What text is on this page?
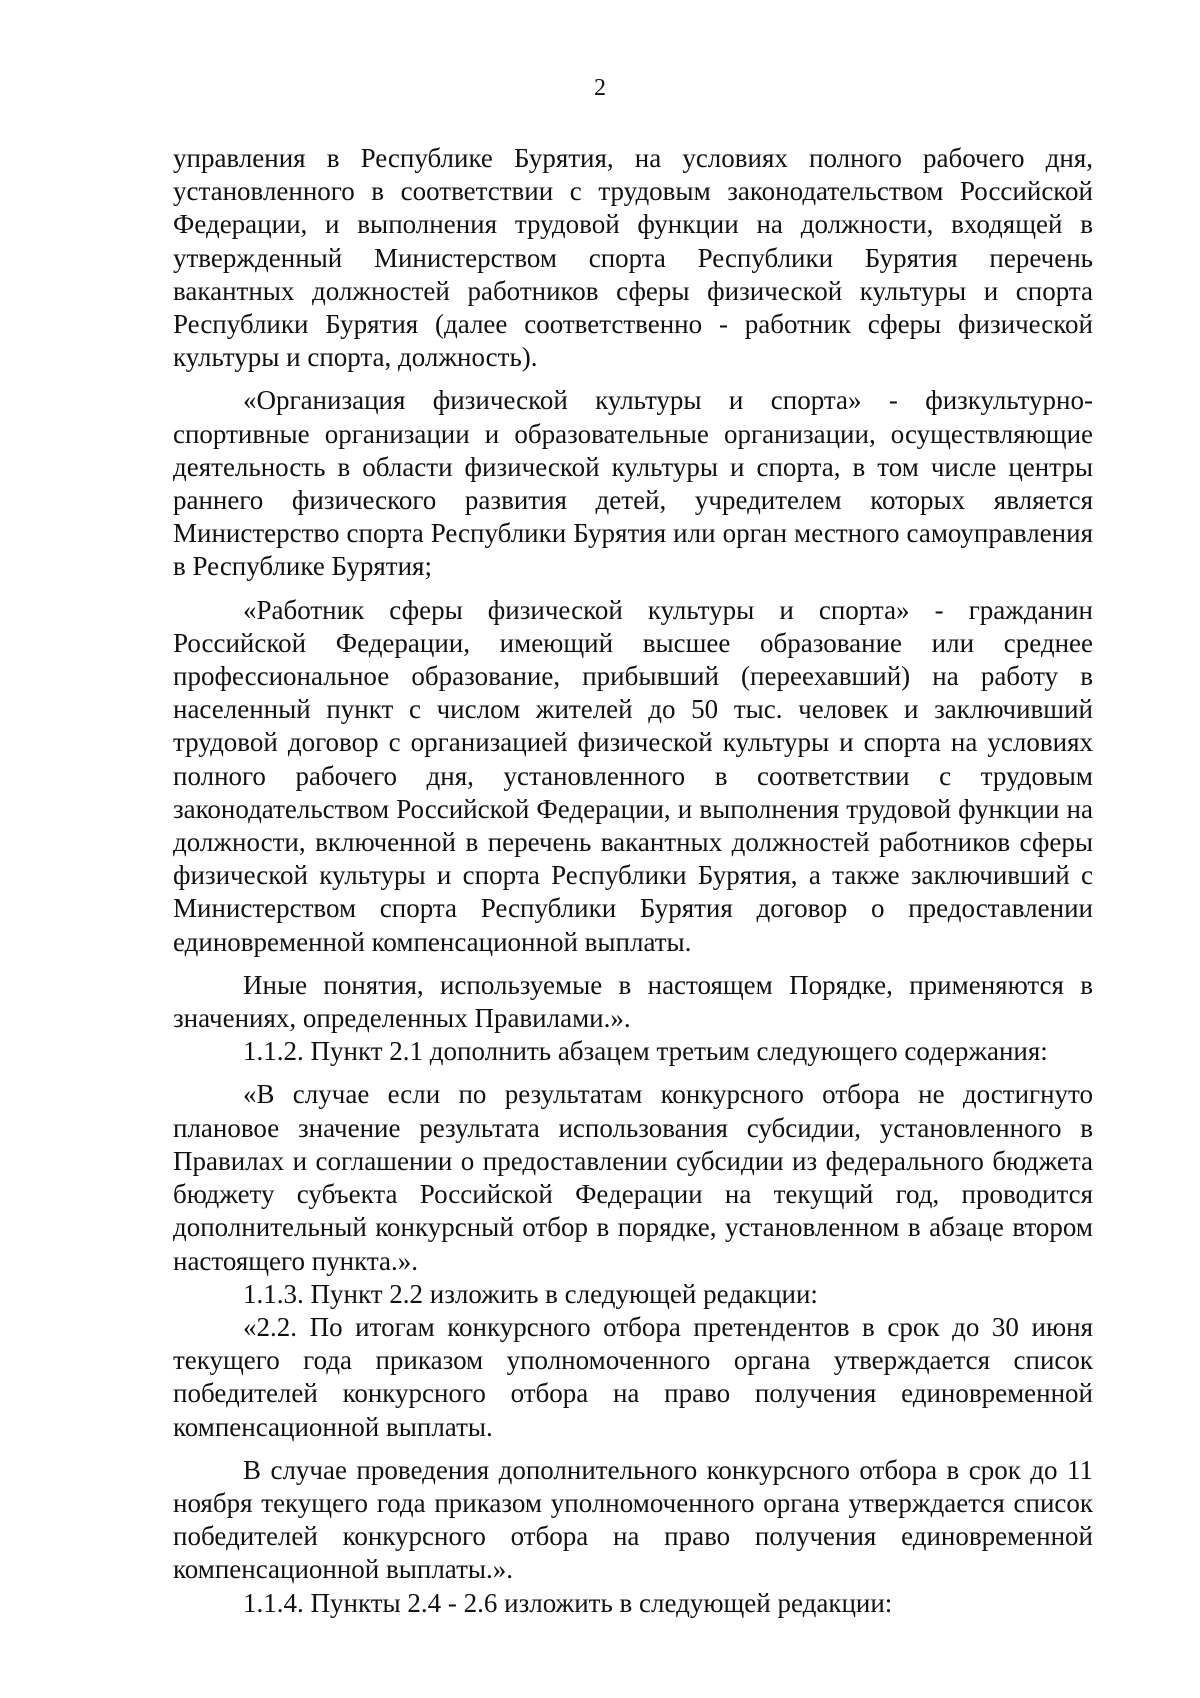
2

управления в Республике Бурятия, на условиях полного рабочего дня, установленного в соответствии с трудовым законодательством Российской Федерации, и выполнения трудовой функции на должности, входящей в утвержденный Министерством спорта Республики Бурятия перечень вакантных должностей работников сферы физической культуры и спорта Республики Бурятия (далее соответственно - работник сферы физической культуры и спорта, должность).

«Организация физической культуры и спорта» - физкультурно-спортивные организации и образовательные организации, осуществляющие деятельность в области физической культуры и спорта, в том числе центры раннего физического развития детей, учредителем которых является Министерство спорта Республики Бурятия или орган местного самоуправления в Республике Бурятия;

«Работник сферы физической культуры и спорта» - гражданин Российской Федерации, имеющий высшее образование или среднее профессиональное образование, прибывший (переехавший) на работу в населенный пункт с числом жителей до 50 тыс. человек и заключивший трудовой договор с организацией физической культуры и спорта на условиях полного рабочего дня, установленного в соответствии с трудовым законодательством Российской Федерации, и выполнения трудовой функции на должности, включенной в перечень вакантных должностей работников сферы физической культуры и спорта Республики Бурятия, а также заключивший с Министерством спорта Республики Бурятия договор о предоставлении единовременной компенсационной выплаты.

Иные понятия, используемые в настоящем Порядке, применяются в значениях, определенных Правилами.».

1.1.2. Пункт 2.1 дополнить абзацем третьим следующего содержания:

«В случае если по результатам конкурсного отбора не достигнуто плановое значение результата использования субсидии, установленного в Правилах и соглашении о предоставлении субсидии из федерального бюджета бюджету субъекта Российской Федерации на текущий год, проводится дополнительный конкурсный отбор в порядке, установленном в абзаце втором настоящего пункта.».

1.1.3. Пункт 2.2 изложить в следующей редакции:

«2.2. По итогам конкурсного отбора претендентов в срок до 30 июня текущего года приказом уполномоченного органа утверждается список победителей конкурсного отбора на право получения единовременной компенсационной выплаты.

В случае проведения дополнительного конкурсного отбора в срок до 11 ноября текущего года приказом уполномоченного органа утверждается список победителей конкурсного отбора на право получения единовременной компенсационной выплаты.».

1.1.4. Пункты 2.4 - 2.6 изложить в следующей редакции:
